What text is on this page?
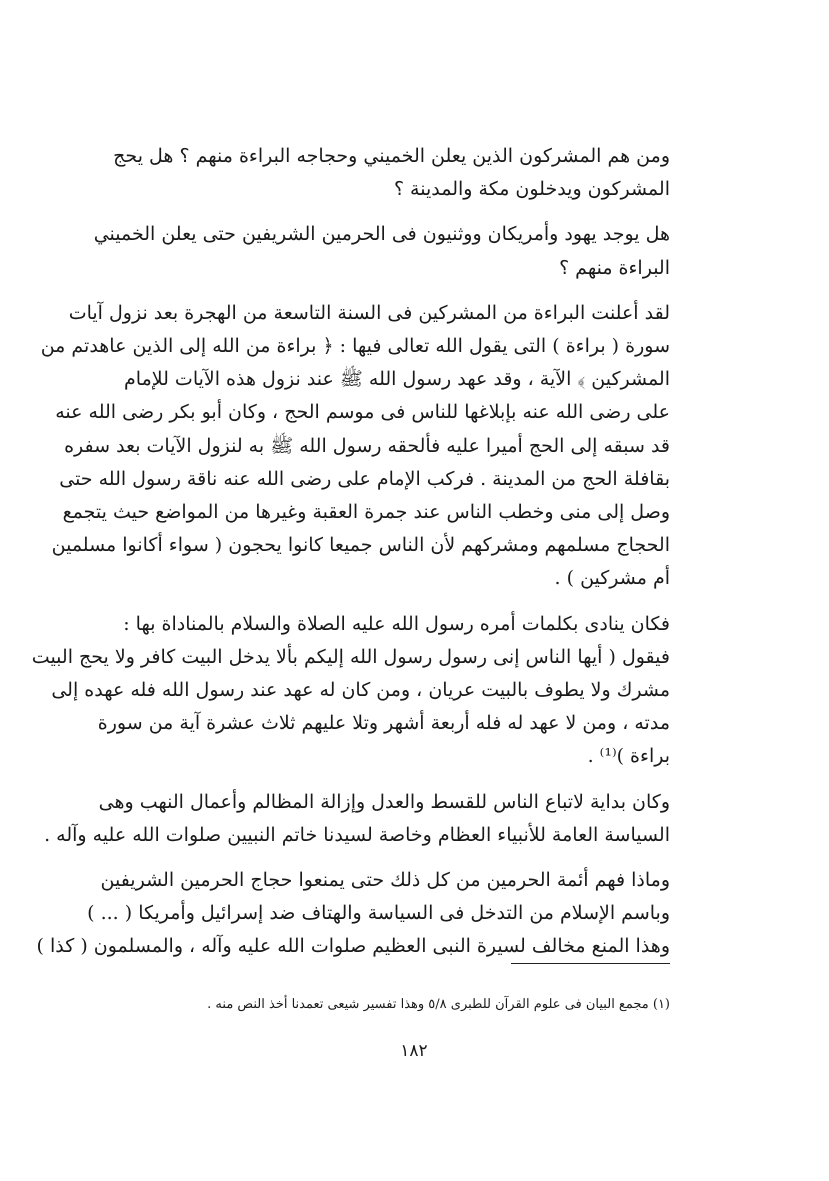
ومن هم المشركون الذين يعلن الخميني وحجاجه البراءة منهم ؟ هل يحج
المشركون ويدخلون مكة والمدينة ؟

هل يوجد يهود وأمريكان ووثنيون فى الحرمين الشريفين حتى يعلن الخميني
البراءة منهم ؟

لقد أعلنت البراءة من المشركين فى السنة التاسعة من الهجرة بعد نزول آيات
سورة ( براءة ) التى يقول الله تعالى فيها : ﴿ براءة من الله إلى الذين عاهدتم من
المشركين ﴾ الآية ، وقد عهد رسول الله ﷺ عند نزول هذه الآيات للإمام
على رضى الله عنه بإبلاغها للناس فى موسم الحج ، وكان أبو بكر رضى الله عنه
قد سبقه إلى الحج أميرا عليه فألحقه رسول الله ﷺ به لنزول الآيات بعد سفره
بقافلة الحج من المدينة . فركب الإمام على رضى الله عنه ناقة رسول الله حتى
وصل إلى منى وخطب الناس عند جمرة العقبة وغيرها من المواضع حيث يتجمع
الحجاج مسلمهم ومشركهم لأن الناس جميعا كانوا يحجون ( سواء أكانوا مسلمين
أم مشركين ) .

فكان ينادى بكلمات أمره رسول الله عليه الصلاة والسلام بالمناداة بها :
فيقول ( أيها الناس إنى رسول رسول الله إليكم بألا يدخل البيت كافر ولا يحج البيت
مشرك ولا يطوف بالبيت عريان ، ومن كان له عهد عند رسول الله فله عهده إلى
مدته ، ومن لا عهد له فله أربعة أشهر وتلا عليهم ثلاث عشرة آية من سورة
براءة )⁽¹⁾ .

وكان بداية لاتباع الناس للقسط والعدل وإزالة المظالم وأعمال النهب وهى
السياسة العامة للأنبياء العظام وخاصة لسيدنا خاتم النبيين صلوات الله عليه وآله .

وماذا فهم أئمة الحرمين من كل ذلك حتى يمنعوا حجاج الحرمين الشريفين
وباسم الإسلام من التدخل فى السياسة والهتاف ضد إسرائيل وأمريكا ( ... )
وهذا المنع مخالف لسيرة النبى العظيم صلوات الله عليه وآله ، والمسلمون ( كذا )

(١) مجمع البيان فى علوم القرآن للطبرى ٥/٨ وهذا تفسير شيعى تعمدنا أخذ النص منه .
١٨٢
